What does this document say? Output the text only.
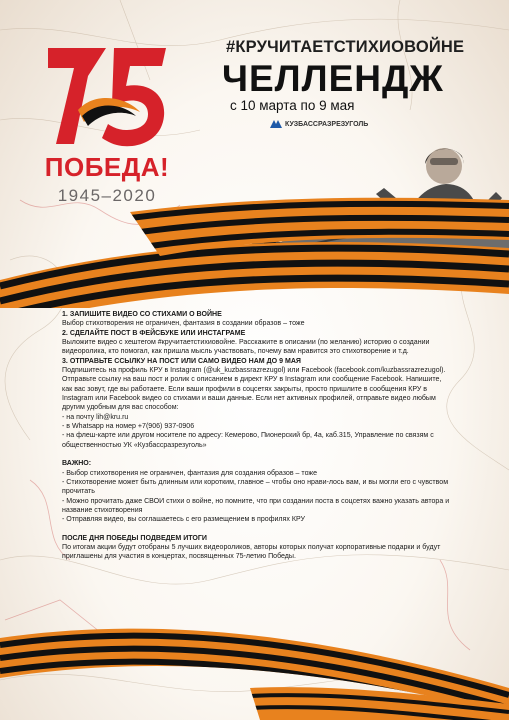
ПОБЕДА!
1945–2020
#КРУЧИТАЕТСТИХИОВОЙНЕ
ЧЕЛЛЕНДЖ
с 10 марта по 9 мая
КУЗБАССРАЗРЕЗУГОЛЬ

1. ЗАПИШИТЕ ВИДЕО СО СТИХАМИ О ВОЙНЕ

Выбор стихотворения не ограничен, фантазия в создании образов – тоже

2. СДЕЛАЙТЕ ПОСТ В ФЕЙСБУКЕ ИЛИ ИНСТАГРАМЕ

Выложите видео с хештегом #кручитаетстихиовойне. Расскажите в описании (по желанию) историю о создании видеоролика, кто помогал, как пришла мысль участвовать, почему вам нравится это стихотворение и т.д.

3. ОТПРАВЬТЕ ССЫЛКУ НА ПОСТ ИЛИ САМО ВИДЕО НАМ ДО 9 МАЯ

Подпишитесь на профиль КРУ в Instagram (@uk_kuzbassrazrezugol) или Facebook (facebook.com/kuzbassrazrezugol). Отправьте ссылку на ваш пост и ролик с описанием в директ КРУ в Instagram или сообщение Facebook. Напишите, как вас зовут, где вы работаете. Если ваши профили в соцсетях закрыты, просто пришлите в сообщения КРУ в Instagram или Facebook видео со стихами и ваши данные. Если нет активных профилей, отправьте видео любым другим удобным для вас способом:

- на почту lih@kru.ru

- в Whatsapp на номер +7(906) 937-0906

- на флеш-карте или другом носителе по адресу: Кемерово, Пионерский бр, 4а, каб.315, Управление по связям с общественностью УК «Кузбассразрезуголь»

ВАЖНО:

- Выбор стихотворения не ограничен, фантазия для создания образов – тоже

- Стихотворение может быть длинным или коротким, главное – чтобы оно нрави-лось вам, и вы могли его с чувством прочитать

- Можно прочитать даже СВОИ стихи о войне, но помните, что при создании поста в соцсетях важно указать автора и название стихотворения

- Отправляя видео, вы соглашаетесь с его размещением в профилях КРУ

ПОСЛЕ ДНЯ ПОБЕДЫ ПОДВЕДЕМ ИТОГИ

По итогам акции будут отобраны 5 лучших видеороликов, авторы которых получат корпоративные подарки и будут приглашены для участия в концертах, посвященных 75-летию Победы.
